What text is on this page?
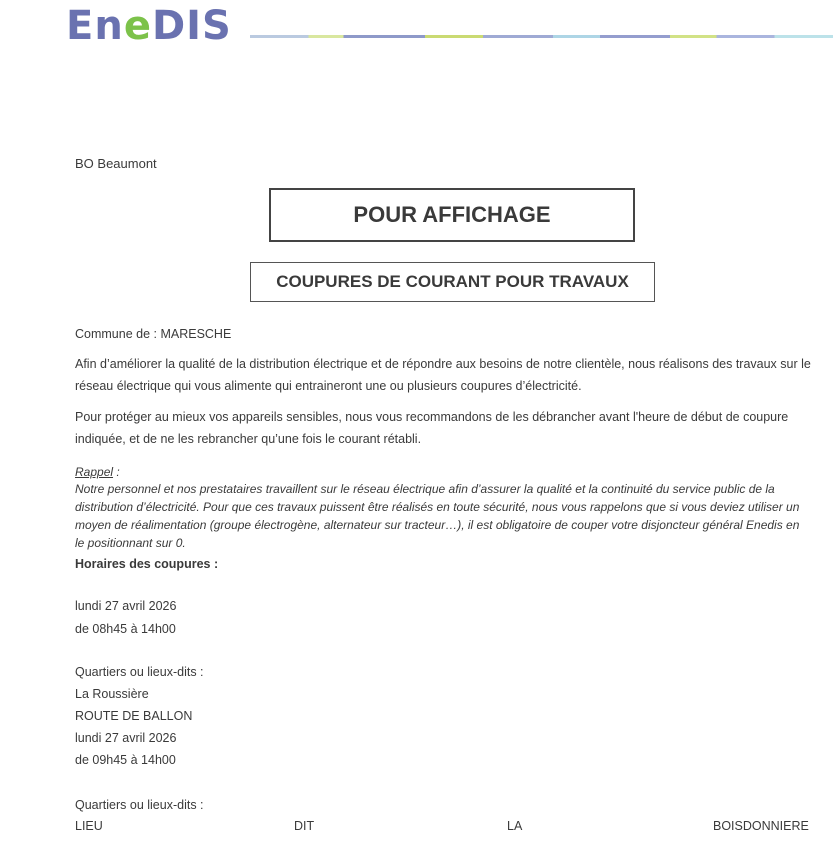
EneDIS
BO Beaumont
POUR AFFICHAGE
COUPURES DE COURANT POUR TRAVAUX
Commune de : MARESCHE
Afin d’améliorer la qualité de la distribution électrique et de répondre aux besoins de notre clientèle, nous réalisons des travaux sur le réseau électrique qui vous alimente qui entraineront une ou plusieurs coupures d’électricité.
Pour protéger au mieux vos appareils sensibles, nous vous recommandons de les débrancher avant l'heure de début de coupure indiquée, et de ne les rebrancher qu’une fois le courant rétabli.
Rappel :
Notre personnel et nos prestataires travaillent sur le réseau électrique afin d’assurer la qualité et la continuité du service public de la distribution d’électricité. Pour que ces travaux puissent être réalisés en toute sécurité, nous vous rappelons que si vous deviez utiliser un moyen de réalimentation (groupe électrogène, alternateur sur tracteur…), il est obligatoire de couper votre disjoncteur général Enedis en le positionnant sur 0.
Horaires des coupures :
lundi 27 avril 2026
de 08h45 à 14h00
Quartiers ou lieux-dits :
La Roussière
ROUTE DE BALLON
lundi 27 avril 2026
de 09h45 à 14h00
Quartiers ou lieux-dits :
LIEU	DIT	LA	BOISDONNIERE
